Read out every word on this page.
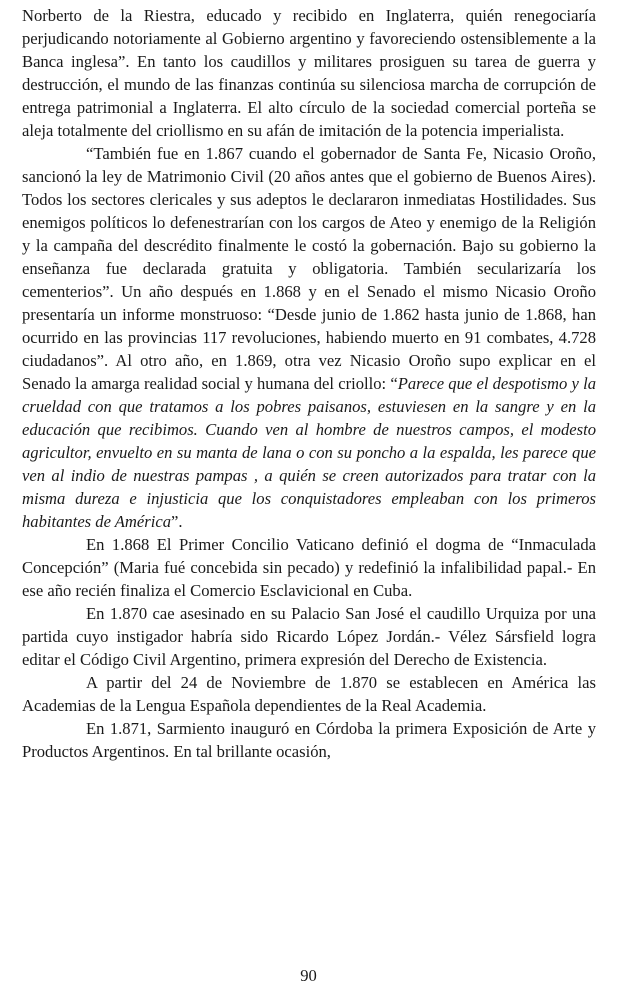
Norberto de la Riestra, educado y recibido en Inglaterra, quién renegociaría perjudicando notoriamente al Gobierno argentino y favoreciendo ostensiblemente a la Banca inglesa”. En tanto los caudillos y militares prosiguen su tarea de guerra y destrucción, el mundo de las finanzas continúa su silenciosa marcha de corrupción de entrega patrimonial a Inglaterra. El alto círculo de la sociedad comercial porteña se aleja totalmente del criollismo en su afán de imitación de la potencia imperialista.

“También fue en 1.867 cuando el gobernador de Santa Fe, Nicasio Oroño, sancionó la ley de Matrimonio Civil (20 años antes que el gobierno de Buenos Aires). Todos los sectores clericales y sus adeptos le declararon inmediatas Hostilidades. Sus enemigos políticos lo defenestrarían con los cargos de Ateo y enemigo de la Religión y la campaña del descrédito finalmente le costó la gobernación. Bajo su gobierno la enseñanza fue declarada gratuita y obligatoria. También secularizaría los cementerios”. Un año después en 1.868 y en el Senado el mismo Nicasio Oroño presentaría un informe monstruoso: “Desde junio de 1.862 hasta junio de 1.868, han ocurrido en las provincias 117 revoluciones, habiendo muerto en 91 combates, 4.728 ciudadanos”. Al otro año, en 1.869, otra vez Nicasio Oroño supo explicar en el Senado la amarga realidad social y humana del criollo: “Parece que el despotismo y la crueldad con que tratamos a los pobres paisanos, estuviesen en la sangre y en la educación que recibimos. Cuando ven al hombre de nuestros campos, el modesto agricultor, envuelto en su manta de lana o con su poncho a la espalda, les parece que ven al indio de nuestras pampas , a quién se creen autorizados para tratar con la misma dureza e injusticia que los conquistadores empleaban con los primeros habitantes de América”.

En 1.868 El Primer Concilio Vaticano definió el dogma de “Inmaculada Concepción” (Maria fué concebida sin pecado) y redefinió la infalibilidad papal.- En ese año recién finaliza el Comercio Esclavicional en Cuba.

En 1.870 cae asesinado en su Palacio San José el caudillo Urquiza por una partida cuyo instigador habría sido Ricardo López Jordán.- Vélez Sársfield logra editar el Código Civil Argentino, primera expresión del Derecho de Existencia.

A partir del 24 de Noviembre de 1.870 se establecen en América las Academias de la Lengua Española dependientes de la Real Academia.

En 1.871, Sarmiento inauguró en Córdoba la primera Exposición de Arte y Productos Argentinos. En tal brillante ocasión,

90
